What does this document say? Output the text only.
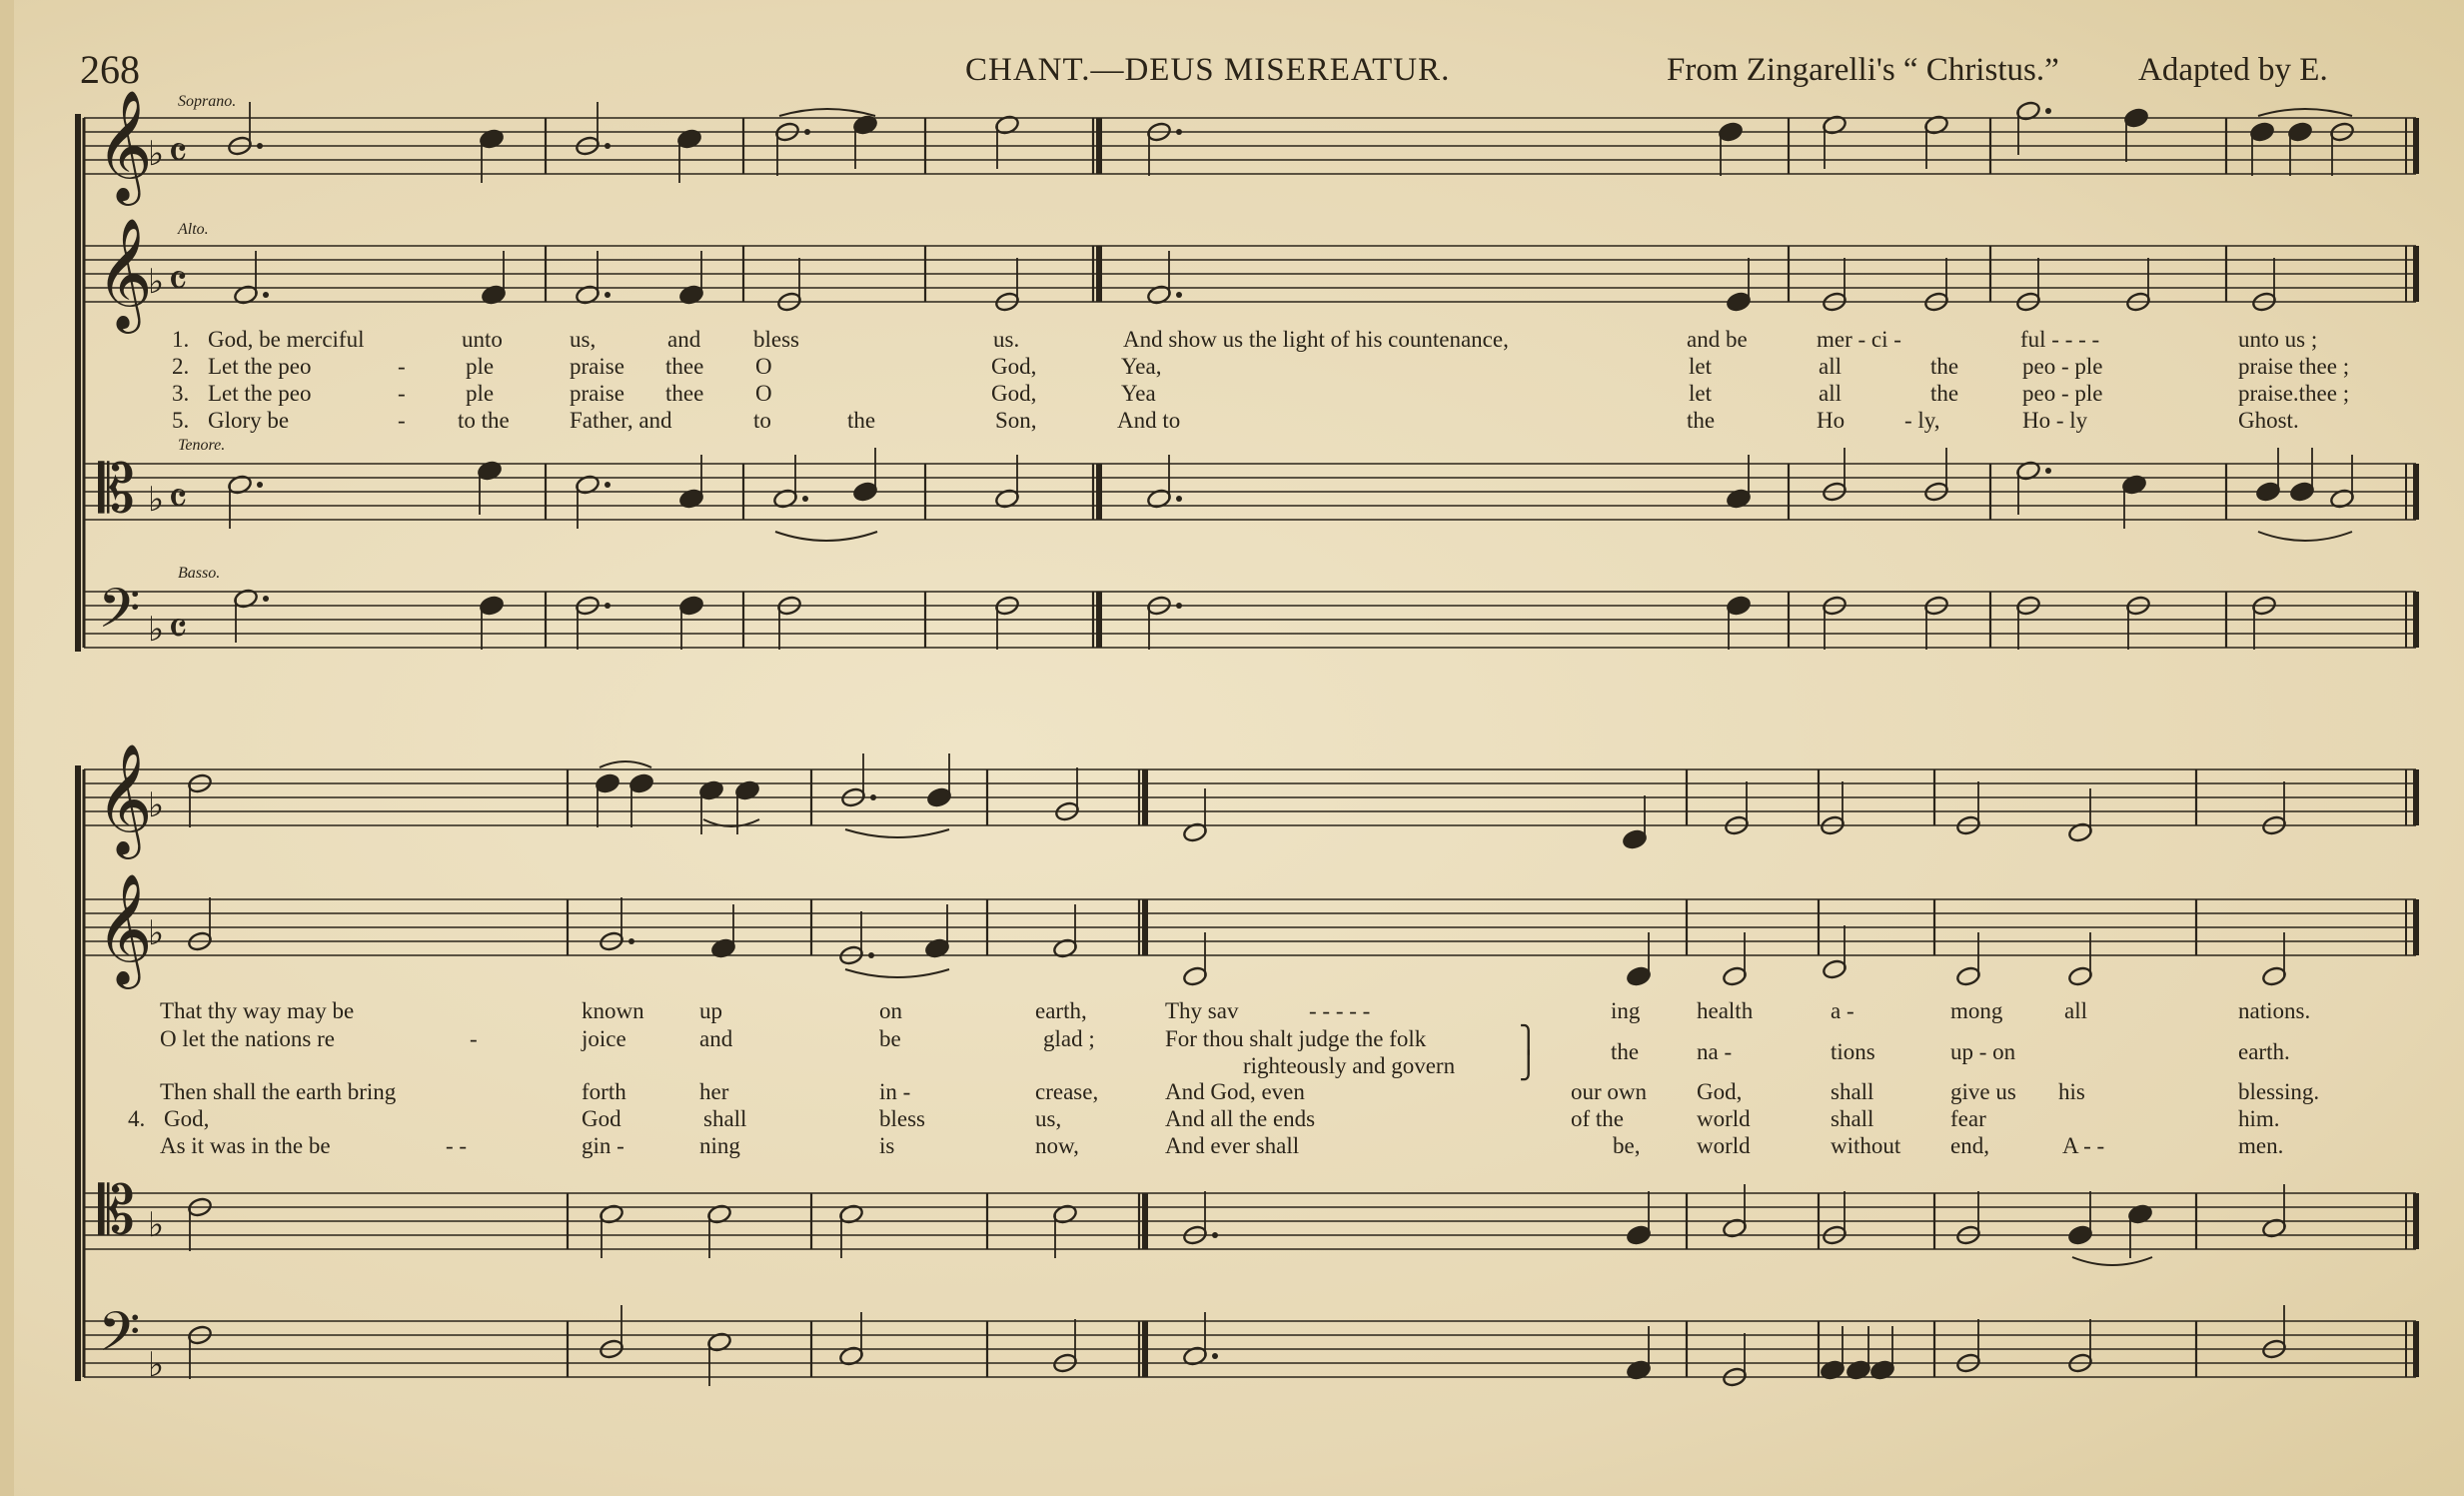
268	CHANT.—DEUS MISEREATUR.	From Zingarelli's “ Christus.” Adapted by E.
Soprano.
Alto.
Tenore.
Basso.
𝄞
𝄞
𝄡
𝄢
𝄞
𝄞
𝄡
𝄢
♭
♭
♭
♭
𝄴
𝄴
𝄴
𝄴
♭
♭
♭
♭
1. God, be merciful	unto	us,	and bless	us.	And show us the light of his countenance,	and be	mer - ci -	ful - - - -	unto us ;
2. Let the peo	-	ple	praise thee O	God,	Yea,	let	all	the	peo - ple	praise thee ;
3. Let the peo	-	ple	praise thee O	God,	Yea	let	all	the	peo - ple	praise.thee ;
5. Glory be	- to the	Father, and	to	the	Son,	And to	the	Ho	- ly,	Ho - ly	Ghost.
That thy way may be	known up	on	earth,	Thy sav	- - - - -	ing health	a -	mong	all	nations.
O let the nations re	-	joice	and	be	glad ;	For thou shalt judge the folk
righteously and govern
the	na -	tions	up - on	earth.
Then shall the earth bring	forth	her	in -	crease,	And God, even	our own God,	shall	give us his	blessing.
4. God,	God	shall	bless	us,	And all the ends	of the	world	shall	fear	him.
As it was in the be	- -	gin -	ning	is	now,	And ever shall	be, world	without end,	A - -	men.
⎫
⎭
